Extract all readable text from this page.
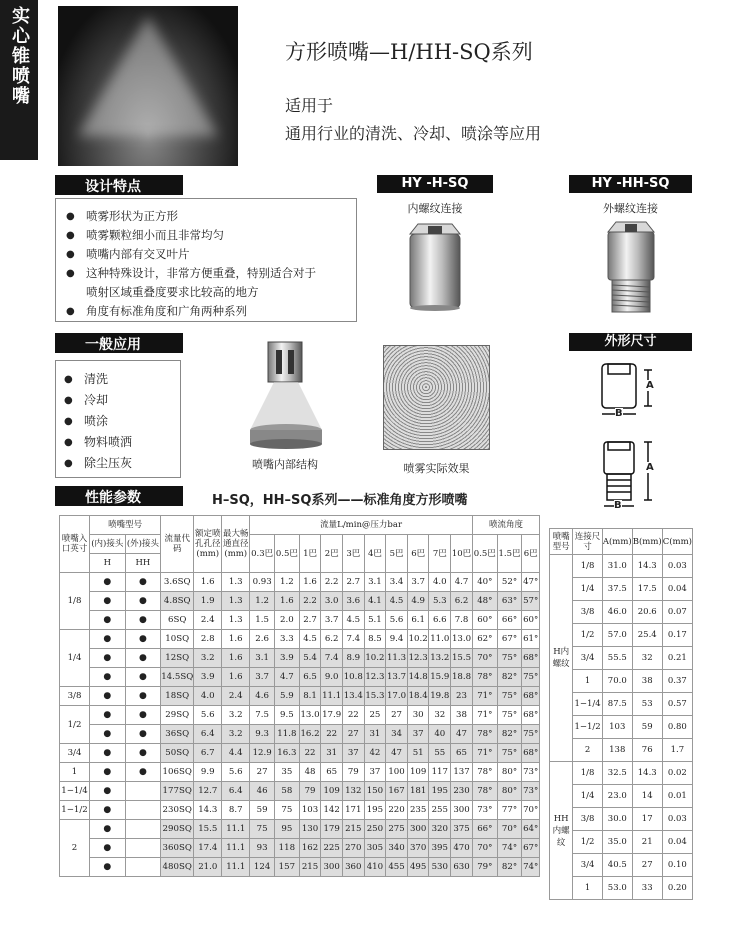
实心锥喷嘴	方形喷嘴—H/HH-SQ系列
适用于
通用行业的清洗、冷却、喷涂等应用
设计特点
● 喷雾形状为正方形
● 喷雾颗粒细小而且非常均匀
● 喷嘴内部有交叉叶片
● 这种特殊设计，非常方便重叠，特别适合对于
喷射区域重叠度要求比较高的地方
● 角度有标准角度和广角两种系列
HY -H-SQ
内螺纹连接
HY -HH-SQ
外螺纹连接
一般应用
● 清洗
● 冷却
● 喷涂
● 物料喷洒
● 除尘压灰	喷嘴内部结构	喷雾实际效果
外形尺寸
A
B
A
B
性能参数	H–SQ，HH–SQ系列——标准角度方形喷嘴
喷嘴入口英寸	喷嘴型号		流量代码	额定喷孔孔径(mm)	最大畅通直径(mm)	流量L/min@压力bar										喷流角度		
	(内)接头	(外)接头				0.3巴	0.5巴	1巴	2巴	3巴	4巴	5巴	6巴	7巴	10巴	0.5巴	1.5巴	6巴
	H	HH																
1/8	●	●	3.6SQ	1.6	1.3	0.93	1.2	1.6	2.2	2.7	3.1	3.4	3.7	4.0	4.7	40°	52°	47°
	●	●	4.8SQ	1.9	1.3	1.2	1.6	2.2	3.0	3.6	4.1	4.5	4.9	5.3	6.2	48°	63°	57°
	●	●	6SQ	2.4	1.3	1.5	2.0	2.7	3.7	4.5	5.1	5.6	6.1	6.6	7.8	60°	66°	60°
1/4	●	●	10SQ	2.8	1.6	2.6	3.3	4.5	6.2	7.4	8.5	9.4	10.2	11.0	13.0	62°	67°	61°
	●	●	12SQ	3.2	1.6	3.1	3.9	5.4	7.4	8.9	10.2	11.3	12.3	13.2	15.5	70°	75°	68°
	●	●	14.5SQ	3.9	1.6	3.7	4.7	6.5	9.0	10.8	12.3	13.7	14.8	15.9	18.8	78°	82°	75°
3/8	●	●	18SQ	4.0	2.4	4.6	5.9	8.1	11.1	13.4	15.3	17.0	18.4	19.8	23	71°	75°	68°
1/2	●	●	29SQ	5.6	3.2	7.5	9.5	13.0	17.9	22	25	27	30	32	38	71°	75°	68°
	●	●	36SQ	6.4	3.2	9.3	11.8	16.2	22	27	31	34	37	40	47	78°	82°	75°
3/4	●	●	50SQ	6.7	4.4	12.9	16.3	22	31	37	42	47	51	55	65	71°	75°	68°
1	●	●	106SQ	9.9	5.6	27	35	48	65	79	37	100	109	117	137	78°	80°	73°
1−1/4	●		177SQ	12.7	6.4	46	58	79	109	132	150	167	181	195	230	78°	80°	73°
1−1/2	●		230SQ	14.3	8.7	59	75	103	142	171	195	220	235	255	300	73°	77°	70°
2	●		290SQ	15.5	11.1	75	95	130	179	215	250	275	300	320	375	66°	70°	64°
	●		360SQ	17.4	11.1	93	118	162	225	270	305	340	370	395	470	70°	74°	67°
	●		480SQ	21.0	11.1	124	157	215	300	360	410	455	495	530	630	79°	82°	74°
喷嘴型号	连接尺寸	A(mm)	B(mm)	C(mm)
H内螺纹	1/8	31.0	14.3	0.03
	1/4	37.5	17.5	0.04
	3/8	46.0	20.6	0.07
	1/2	57.0	25.4	0.17
	3/4	55.5	32	0.21
	1	70.0	38	0.37
	1−1/4	87.5	53	0.57
	1−1/2	103	59	0.80
	2	138	76	1.7
HH内螺纹	1/8	32.5	14.3	0.02
	1/4	23.0	14	0.01
	3/8	30.0	17	0.03
	1/2	35.0	21	0.04
	3/4	40.5	27	0.10
	1	53.0	33	0.20
